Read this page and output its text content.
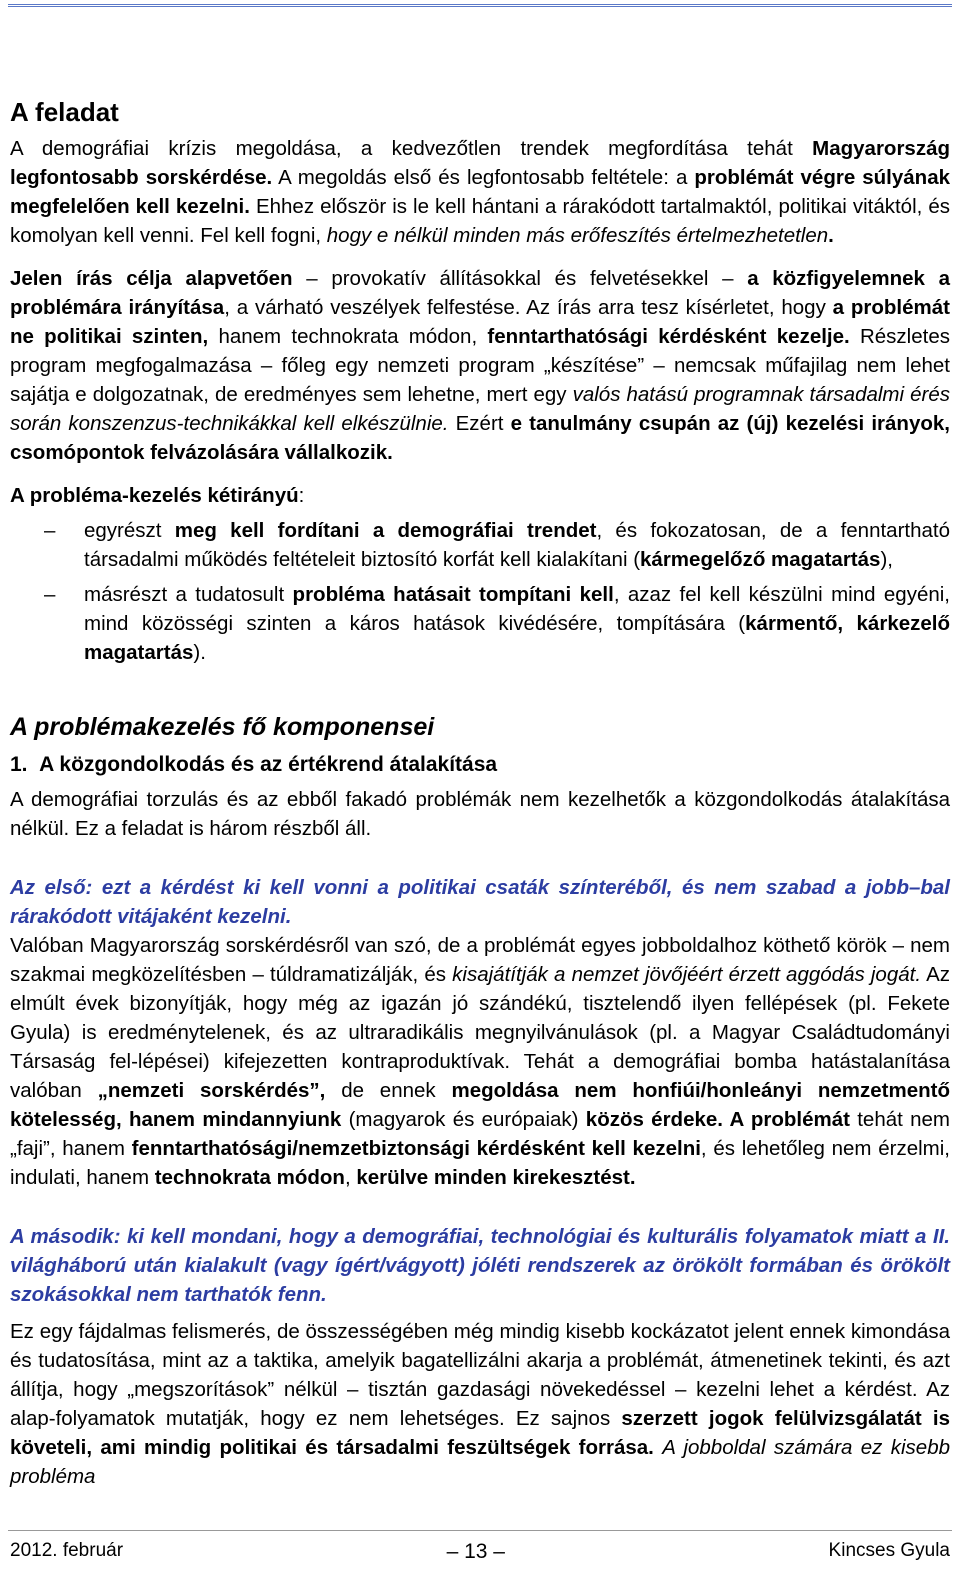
A feladat

A demográfiai krízis megoldása, a kedvezőtlen trendek megfordítása tehát Magyarország legfontosabb sorskérdése. A megoldás első és legfontosabb feltétele: a problémát végre súlyának megfelelően kell kezelni. Ehhez először is le kell hántani a rárakódott tartalmaktól, politikai vitáktól, és komolyan kell venni. Fel kell fogni, hogy e nélkül minden más erőfeszítés értelmezhetetlen.

Jelen írás célja alapvetően – provokatív állításokkal és felvetésekkel – a közfigyelemnek a problémára irányítása, a várható veszélyek felfestése. Az írás arra tesz kísérletet, hogy a problémát ne politikai szinten, hanem technokrata módon, fenntarthatósági kérdésként kezelje. Részletes program megfogalmazása – főleg egy nemzeti program „készítése” – nemcsak műfajilag nem lehet sajátja e dolgozatnak, de eredményes sem lehetne, mert egy valós hatású programnak társadalmi érés során konszenzus-technikákkal kell elkészülnie. Ezért e tanulmány csupán az (új) kezelési irányok, csomópontok felvázolására vállalkozik.

A probléma-kezelés kétirányú:

– egyrészt meg kell fordítani a demográfiai trendet, és fokozatosan, de a fenntartható társadalmi működés feltételeit biztosító korfát kell kialakítani (kármegelőző magatartás),
– másrészt a tudatosult probléma hatásait tompítani kell, azaz fel kell készülni mind egyéni, mind közösségi szinten a káros hatások kivédésére, tompítására (kármentő, kárkezelő magatartás).
A problémakezelés fő komponensei
1.  A közgondolkodás és az értékrend átalakítása

A demográfiai torzulás és az ebből fakadó problémák nem kezelhetők a közgondolkodás átalakítása nélkül. Ez a feladat is három részből áll.

Az első: ezt a kérdést ki kell vonni a politikai csaták színteréből, és nem szabad a jobb–bal rárakódott vitájaként kezelni.

Valóban Magyarország sorskérdésről van szó, de a problémát egyes jobboldalhoz köthető körök – nem szakmai megközelítésben – túldramatizálják, és kisajátítják a nemzet jövőjéért érzett aggódás jogát. Az elmúlt évek bizonyítják, hogy még az igazán jó szándékú, tisztelendő ilyen fellépések (pl. Fekete Gyula) is eredménytelenek, és az ultraradikális megnyilvánulások (pl. a Magyar Családtudományi Társaság fel-lépései) kifejezetten kontraproduktívak. Tehát a demográfiai bomba hatástalanítása valóban „nemzeti sorskérdés”, de ennek megoldása nem honfiúi/honleányi nemzetmentő kötelesség, hanem mindannyiunk (magyarok és európaiak) közös érdeke. A problémát tehát nem „faji”, hanem fenntarthatósági/nemzetbiztonsági kérdésként kell kezelni, és lehetőleg nem érzelmi, indulati, hanem technokrata módon, kerülve minden kirekesztést.

A második: ki kell mondani, hogy a demográfiai, technológiai és kulturális folyamatok miatt a II. világháború után kialakult (vagy ígért/vágyott) jóléti rendszerek az örökölt formában és örökölt szokásokkal nem tarthatók fenn.

Ez egy fájdalmas felismerés, de összességében még mindig kisebb kockázatot jelent ennek kimondása és tudatosítása, mint az a taktika, amelyik bagatellizálni akarja a problémát, átmenetinek tekinti, és azt állítja, hogy „megszorítások” nélkül – tisztán gazdasági növekedéssel – kezelni lehet a kérdést. Az alap-folyamatok mutatják, hogy ez nem lehetséges. Ez sajnos szerzett jogok felülvizsgálatát is követeli, ami mindig politikai és társadalmi feszültségek forrása. A jobboldal számára ez kisebb probléma

2012. február	– 13 –	Kincses Gyula
